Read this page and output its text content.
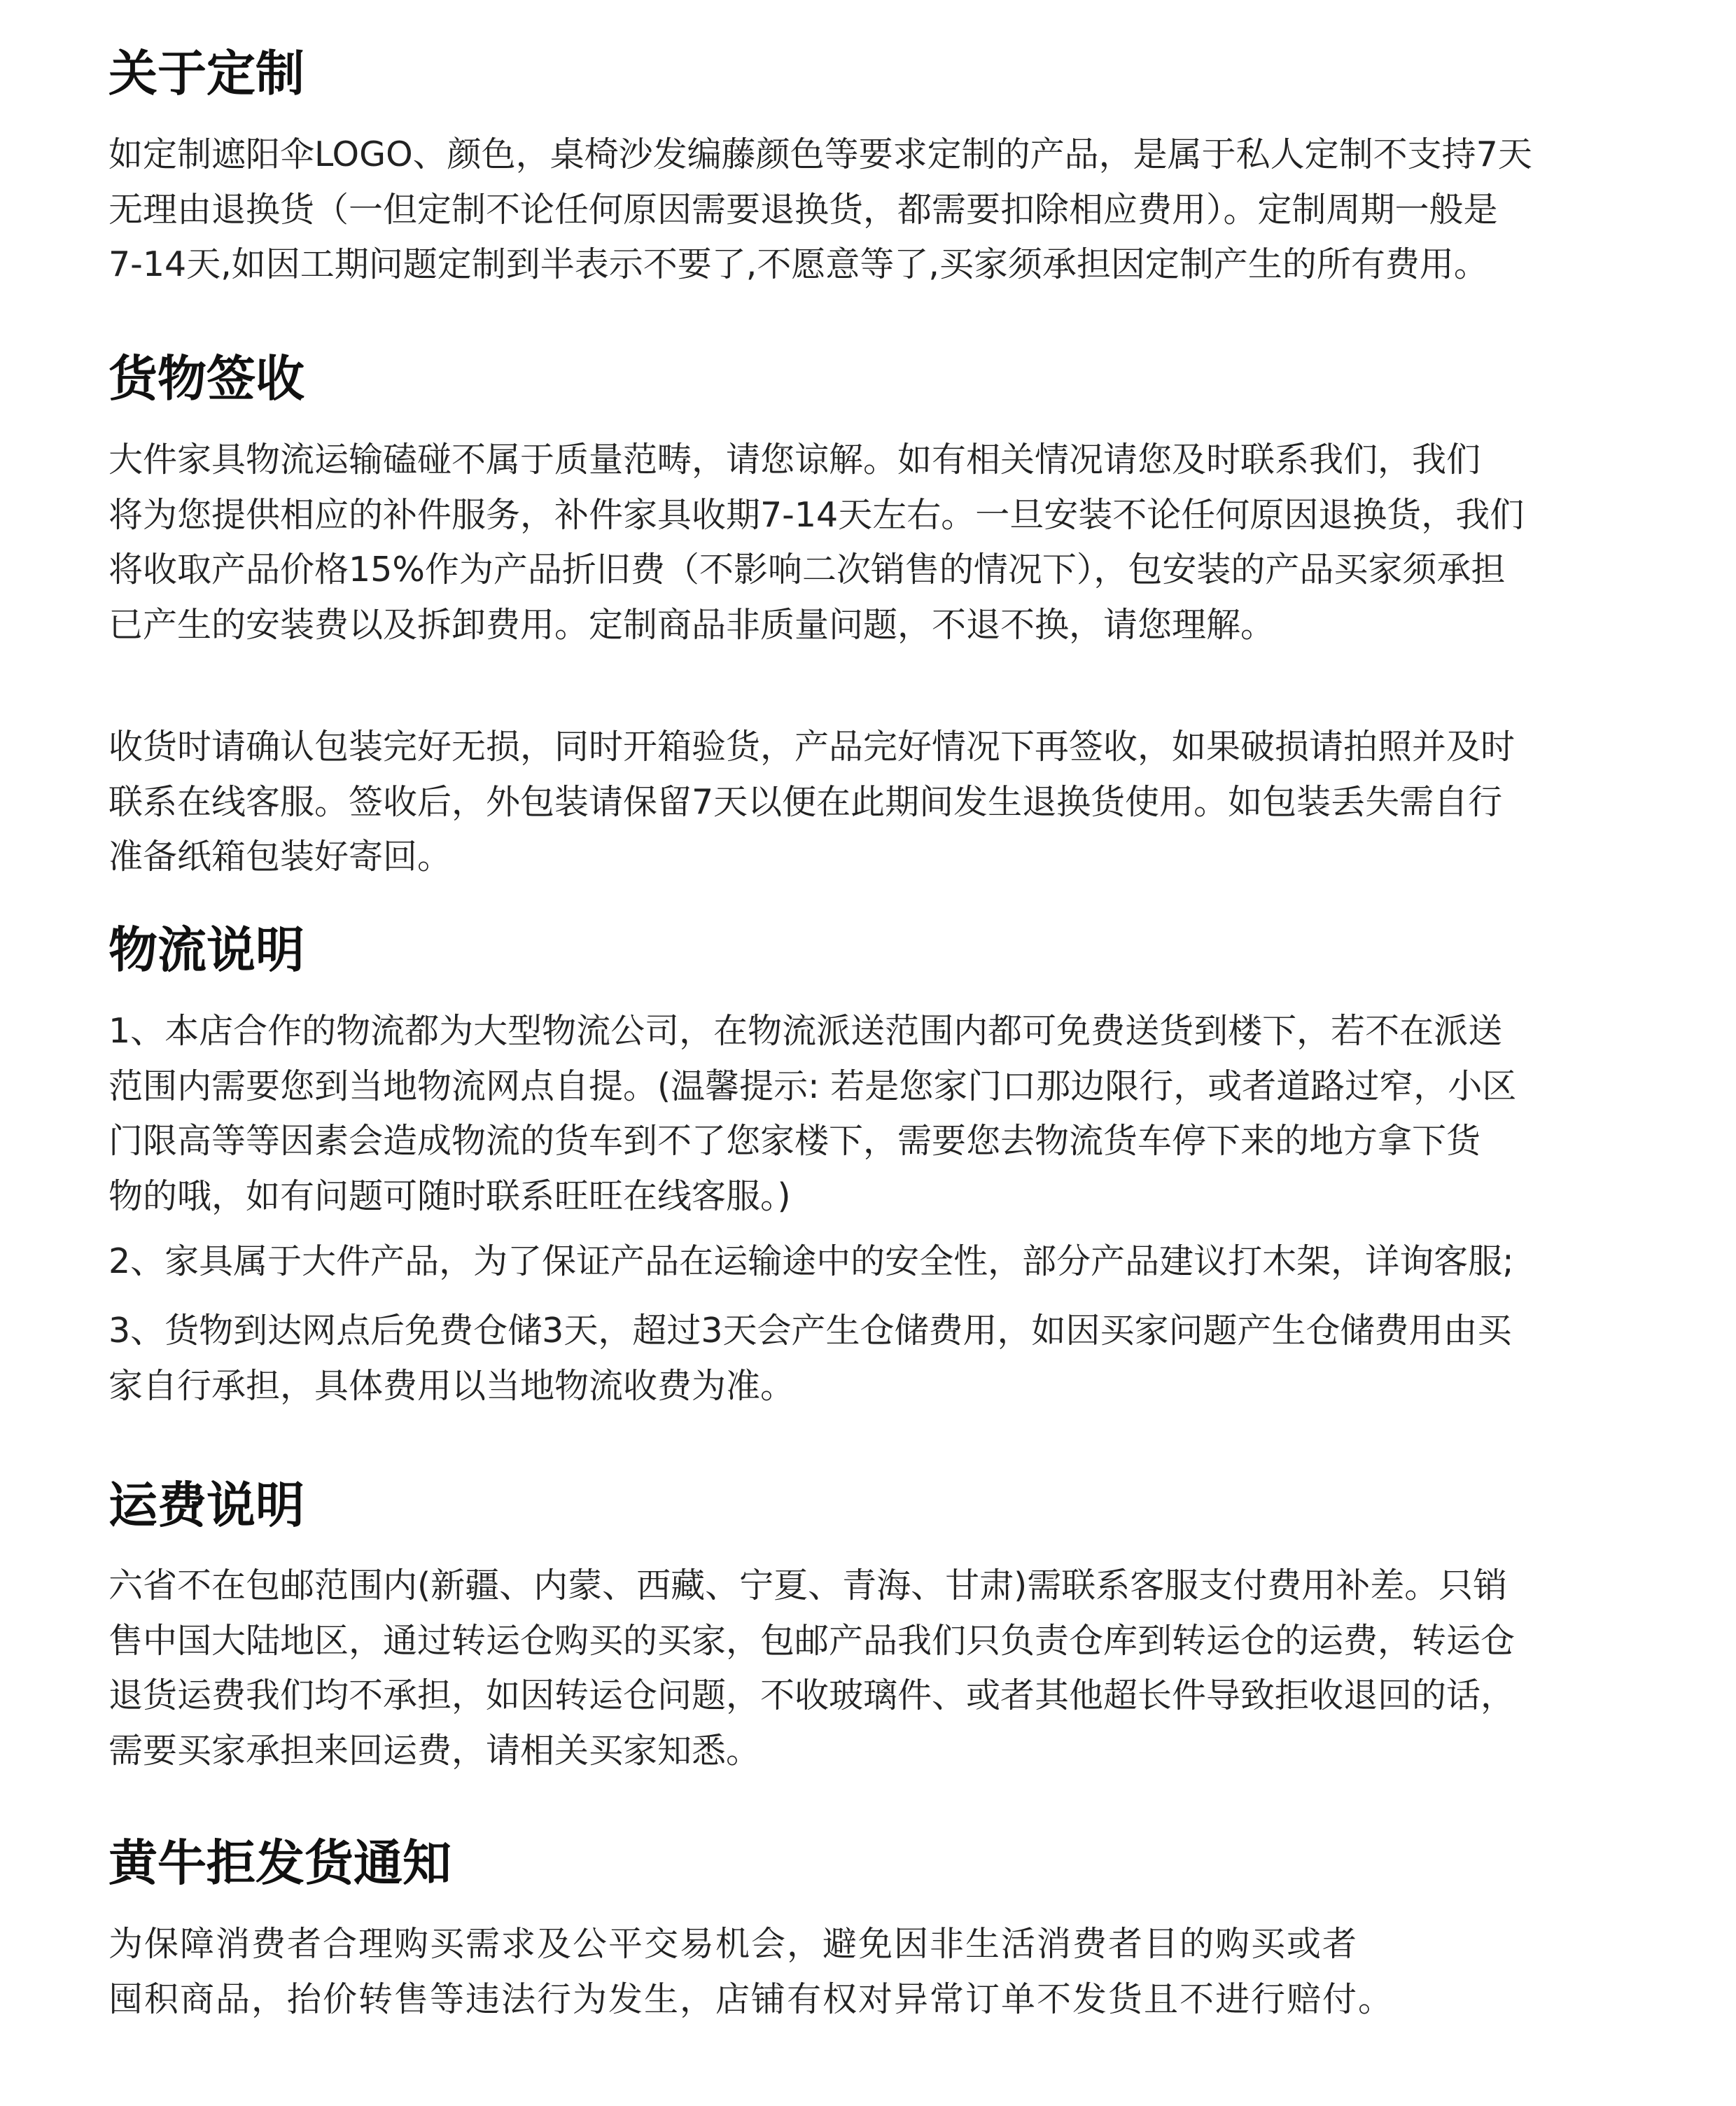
关于定制
如定制遮阳伞LOGO、颜色，桌椅沙发编藤颜色等要求定制的产品，是属于私人定制不支持7天
无理由退换货（一但定制不论任何原因需要退换货，都需要扣除相应费用）。定制周期一般是
7-14天,如因工期问题定制到半表示不要了,不愿意等了,买家须承担因定制产生的所有费用。
货物签收
大件家具物流运输磕碰不属于质量范畴，请您谅解。如有相关情况请您及时联系我们，我们
将为您提供相应的补件服务，补件家具收期7-14天左右。一旦安装不论任何原因退换货，我们
将收取产品价格15%作为产品折旧费（不影响二次销售的情况下），包安装的产品买家须承担
已产生的安装费以及拆卸费用。定制商品非质量问题，不退不换，请您理解。
收货时请确认包装完好无损，同时开箱验货，产品完好情况下再签收，如果破损请拍照并及时
联系在线客服。签收后，外包装请保留7天以便在此期间发生退换货使用。如包装丢失需自行
准备纸箱包装好寄回。
物流说明
1、本店合作的物流都为大型物流公司，在物流派送范围内都可免费送货到楼下，若不在派送
范围内需要您到当地物流网点自提。(温馨提示: 若是您家门口那边限行，或者道路过窄，小区
门限高等等因素会造成物流的货车到不了您家楼下，需要您去物流货车停下来的地方拿下货
物的哦，如有问题可随时联系旺旺在线客服。)
2、家具属于大件产品，为了保证产品在运输途中的安全性，部分产品建议打木架，详询客服;
3、货物到达网点后免费仓储3天，超过3天会产生仓储费用，如因买家问题产生仓储费用由买
家自行承担，具体费用以当地物流收费为准。
运费说明
六省不在包邮范围内(新疆、内蒙、西藏、宁夏、青海、甘肃)需联系客服支付费用补差。只销
售中国大陆地区，通过转运仓购买的买家，包邮产品我们只负责仓库到转运仓的运费，转运仓
退货运费我们均不承担，如因转运仓问题，不收玻璃件、或者其他超长件导致拒收退回的话，
需要买家承担来回运费，请相关买家知悉。
黄牛拒发货通知
为保障消费者合理购买需求及公平交易机会，避免因非生活消费者目的购买或者
囤积商品，抬价转售等违法行为发生，店铺有权对异常订单不发货且不进行赔付。
